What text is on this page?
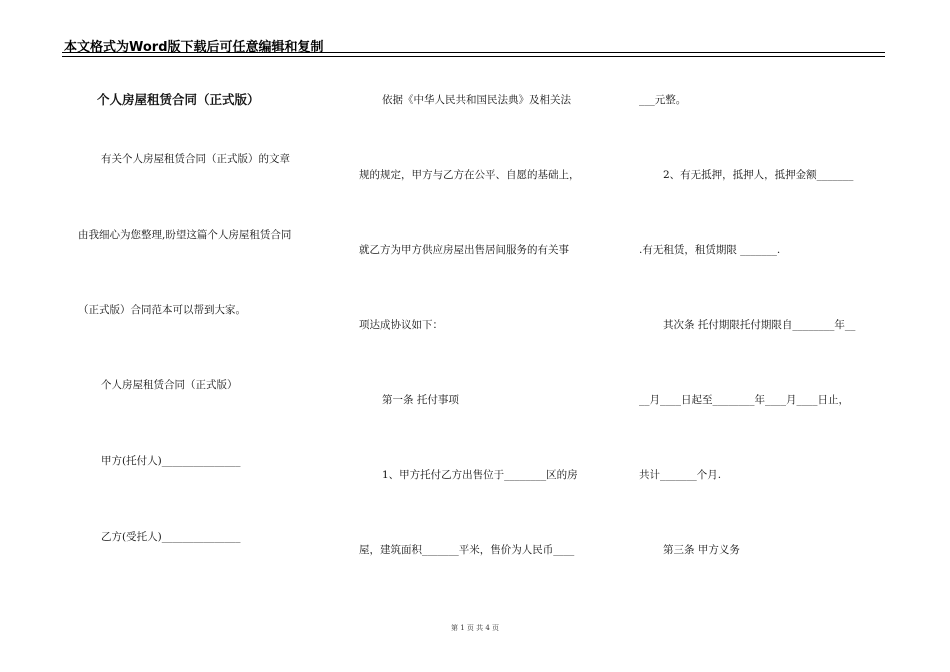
本文格式为Word版下载后可任意编辑和复制
个人房屋租赁合同（正式版）
有关个人房屋租赁合同（正式版）的文章
由我细心为您整理,盼望这篇个人房屋租赁合同
（正式版）合同范本可以帮到大家。
个人房屋租赁合同（正式版）
甲方(托付人)_______________
乙方(受托人)_______________
依据《中华人民共和国民法典》及相关法
规的规定，甲方与乙方在公平、自愿的基础上，
就乙方为甲方供应房屋出售居间服务的有关事
项达成协议如下：
第一条 托付事项
1、甲方托付乙方出售位于________区的房
屋，建筑面积_______平米，售价为人民币____
___元整。
2、有无抵押，抵押人，抵押金额_______
.有无租赁，租赁期限 _______.
其次条 托付期限托付期限自________年__
__月____日起至________年____月____日止，
共计_______个月.
第三条 甲方义务
第 1 页 共 4 页
